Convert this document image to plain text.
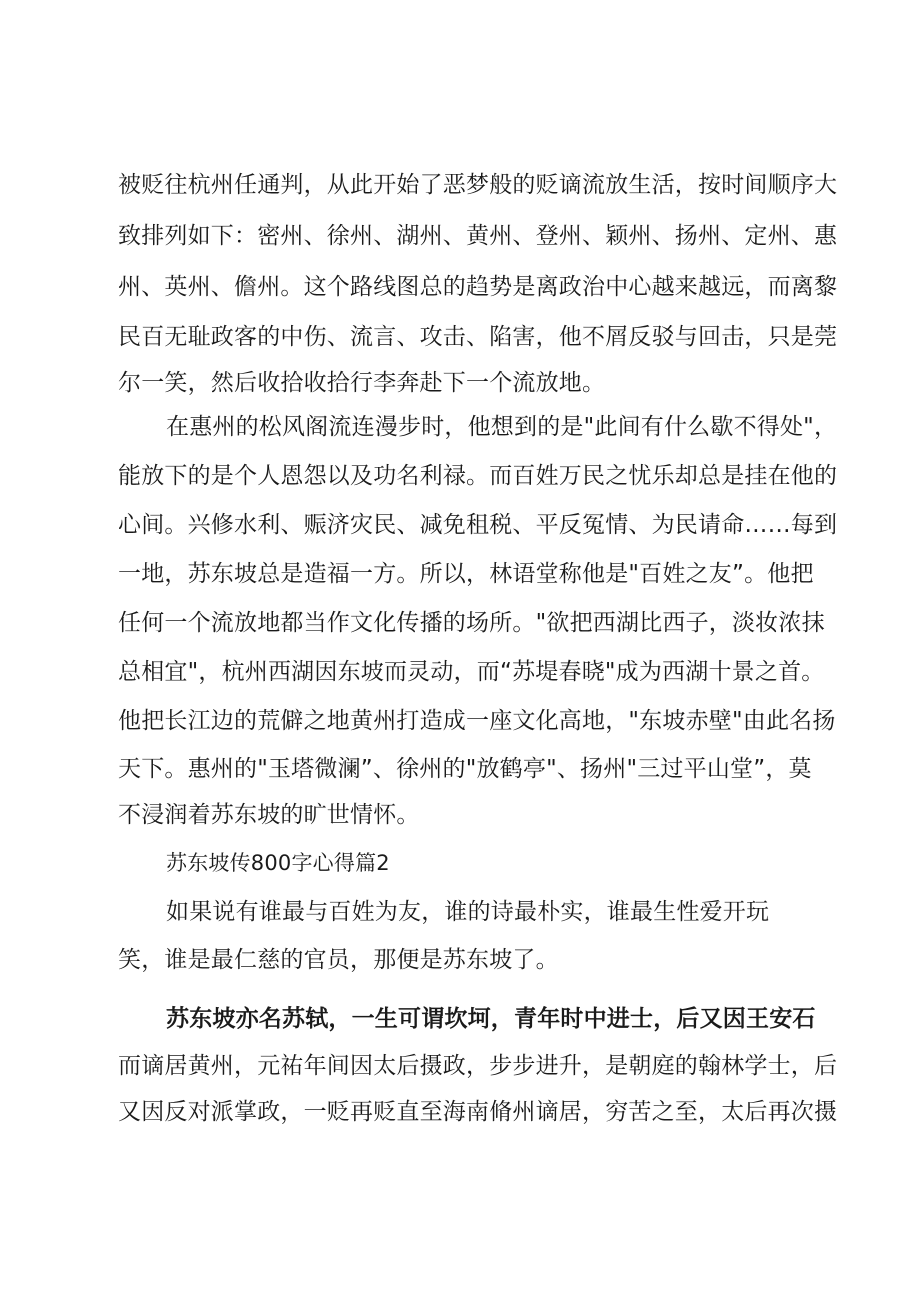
被贬往杭州任通判，从此开始了恶梦般的贬谪流放生活，按时间顺序大
致排列如下：密州、徐州、湖州、黄州、登州、颖州、扬州、定州、惠
州、英州、儋州。这个路线图总的趋势是离政治中心越来越远，而离黎
民百无耻政客的中伤、流言、攻击、陷害，他不屑反驳与回击，只是莞
尔一笑，然后收拾收拾行李奔赴下一个流放地。
在惠州的松风阁流连漫步时，他想到的是"此间有什么歇不得处"，
能放下的是个人恩怨以及功名利禄。而百姓万民之忧乐却总是挂在他的
心间。兴修水利、赈济灾民、减免租税、平反冤情、为民请命……每到
一地，苏东坡总是造福一方。所以，林语堂称他是"百姓之友”。他把
任何一个流放地都当作文化传播的场所。"欲把西湖比西子，淡妆浓抹
总相宜"，杭州西湖因东坡而灵动，而“苏堤春晓"成为西湖十景之首。
他把长江边的荒僻之地黄州打造成一座文化高地，"东坡赤壁"由此名扬
天下。惠州的"玉塔微澜”、徐州的"放鹤亭"、扬州"三过平山堂”，莫
不浸润着苏东坡的旷世情怀。
苏东坡传800字心得篇2
如果说有谁最与百姓为友，谁的诗最朴实，谁最生性爱开玩
笑，谁是最仁慈的官员，那便是苏东坡了。
苏东坡亦名苏轼，一生可谓坎坷，青年时中进士，后又因王安石
而谪居黄州，元祐年间因太后摄政，步步进升，是朝庭的翰林学士，后
又因反对派掌政，一贬再贬直至海南脩州谪居，穷苦之至，太后再次摄
